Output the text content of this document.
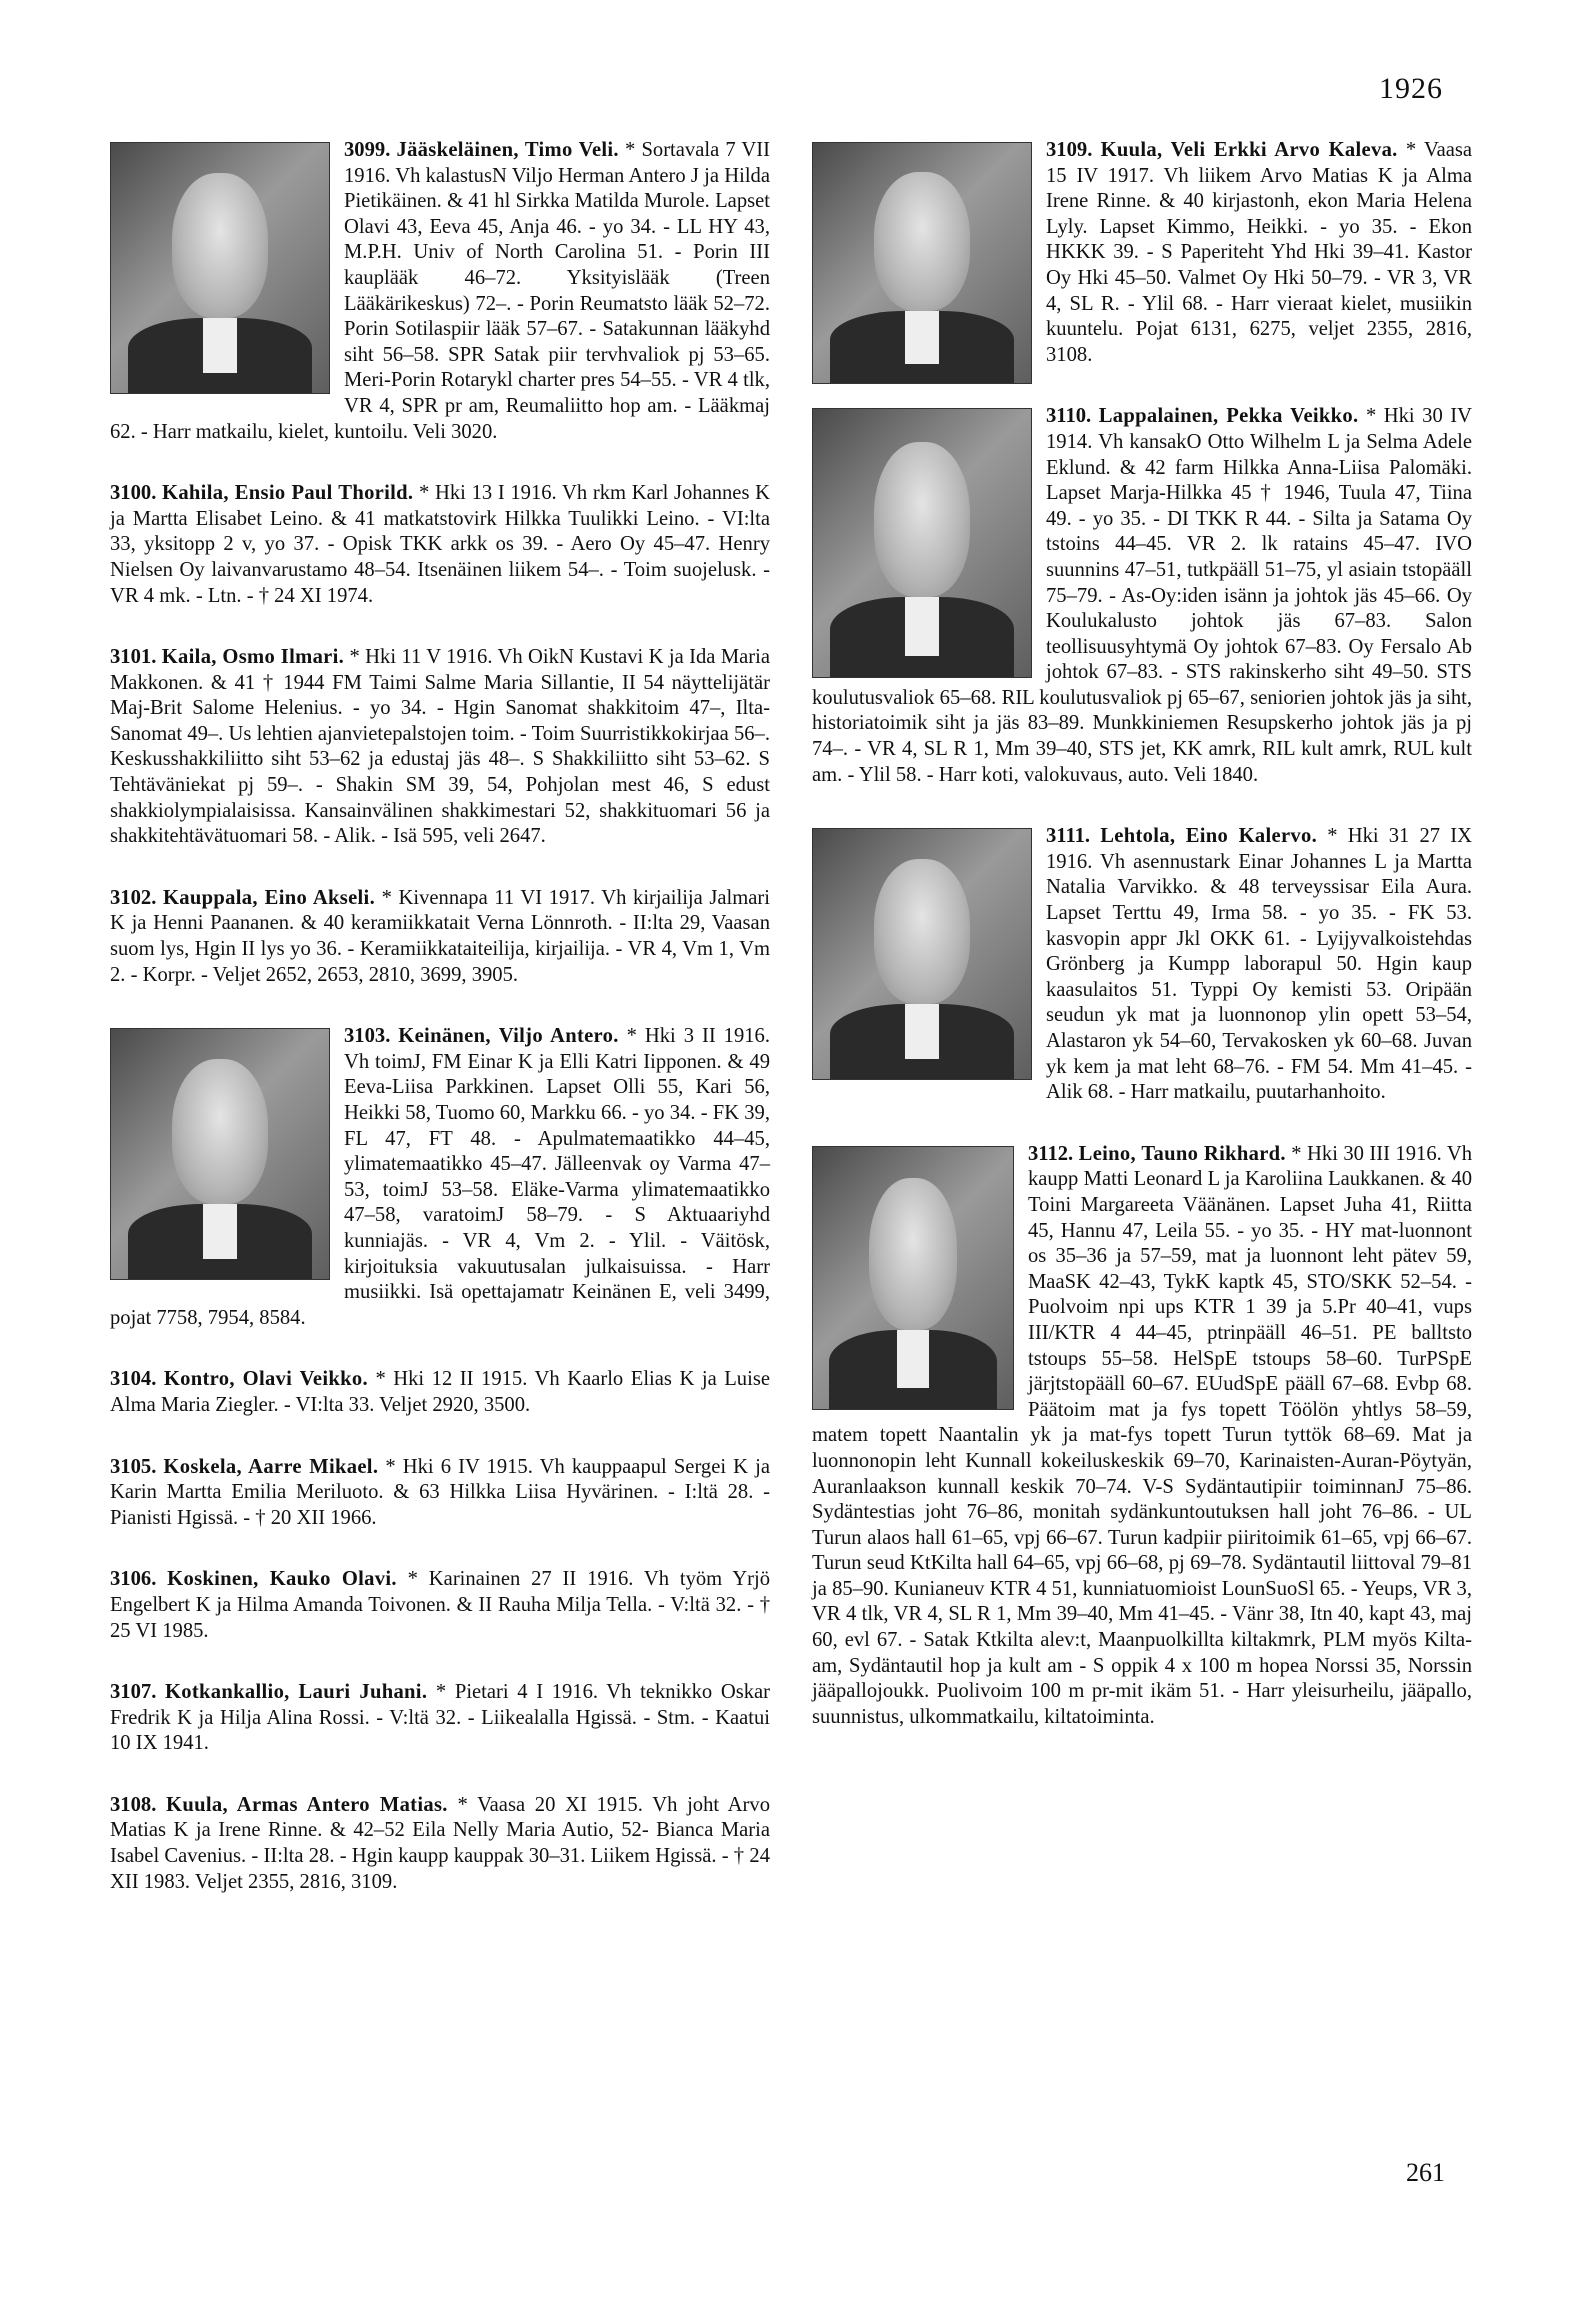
1926
3099. Jääskeläinen, Timo Veli. * Sortavala 7 VII 1916. Vh kalastusN Viljo Herman Antero J ja Hilda Pietikäinen. & 41 hl Sirkka Matilda Murole. Lapset Olavi 43, Eeva 45, Anja 46. - yo 34. - LL HY 43, M.P.H. Univ of North Carolina 51. - Porin III kauplääk 46–72. Yksityislääk (Treen Lääkärikeskus) 72–. - Porin Reumatsto lääk 52–72. Porin Sotilaspiir lääk 57–67. - Satakunnan lääkyhd siht 56–58. SPR Satak piir tervhvaliok pj 53–65. Meri-Porin Rotarykl charter pres 54–55. - VR 4 tlk, VR 4, SPR pr am, Reumaliitto hop am. - Lääkmaj 62. - Harr matkailu, kielet, kuntoilu. Veli 3020.
3100. Kahila, Ensio Paul Thorild. * Hki 13 I 1916. Vh rkm Karl Johannes K ja Martta Elisabet Leino. & 41 matkatstovirk Hilkka Tuulikki Leino. - VI:lta 33, yksitopp 2 v, yo 37. - Opisk TKK arkk os 39. - Aero Oy 45–47. Henry Nielsen Oy laivanvarustamo 48–54. Itsenäinen liikem 54–. - Toim suojelusk. - VR 4 mk. - Ltn. - † 24 XI 1974.
3101. Kaila, Osmo Ilmari. * Hki 11 V 1916. Vh OikN Kustavi K ja Ida Maria Makkonen. & 41 † 1944 FM Taimi Salme Maria Sillantie, II 54 näyttelijätär Maj-Brit Salome Helenius. - yo 34. - Hgin Sanomat shakkitoim 47–, Ilta-Sanomat 49–. Us lehtien ajanvietepalstojen toim. - Toim Suurristikkokirjaa 56–. Keskusshakkiliitto siht 53–62 ja edustaj jäs 48–. S Shakkiliitto siht 53–62. S Tehtäväniekat pj 59–. - Shakin SM 39, 54, Pohjolan mest 46, S edust shakkiolympialaisissa. Kansainvälinen shakkimestari 52, shakkituomari 56 ja shakkitehtävätuomari 58. - Alik. - Isä 595, veli 2647.
3102. Kauppala, Eino Akseli. * Kivennapa 11 VI 1917. Vh kirjailija Jalmari K ja Henni Paananen. & 40 keramiikkatait Verna Lönnroth. - II:lta 29, Vaasan suom lys, Hgin II lys yo 36. - Keramiikkataiteilija, kirjailija. - VR 4, Vm 1, Vm 2. - Korpr. - Veljet 2652, 2653, 2810, 3699, 3905.
3103. Keinänen, Viljo Antero. * Hki 3 II 1916. Vh toimJ, FM Einar K ja Elli Katri Iipponen. & 49 Eeva-Liisa Parkkinen. Lapset Olli 55, Kari 56, Heikki 58, Tuomo 60, Markku 66. - yo 34. - FK 39, FL 47, FT 48. - Apulmatemaatikko 44–45, ylimatemaatikko 45–47. Jälleenvak oy Varma 47–53, toimJ 53–58. Eläke-Varma ylimatemaatikko 47–58, varatoimJ 58–79. - S Aktuaariyhd kunniajäs. - VR 4, Vm 2. - Ylil. - Väitösk, kirjoituksia vakuutusalan julkaisuissa. - Harr musiikki. Isä opettajamatr Keinänen E, veli 3499, pojat 7758, 7954, 8584.
3104. Kontro, Olavi Veikko. * Hki 12 II 1915. Vh Kaarlo Elias K ja Luise Alma Maria Ziegler. - VI:lta 33. Veljet 2920, 3500.
3105. Koskela, Aarre Mikael. * Hki 6 IV 1915. Vh kauppaapul Sergei K ja Karin Martta Emilia Meriluoto. & 63 Hilkka Liisa Hyvärinen. - I:ltä 28. - Pianisti Hgissä. - † 20 XII 1966.
3106. Koskinen, Kauko Olavi. * Karinainen 27 II 1916. Vh työm Yrjö Engelbert K ja Hilma Amanda Toivonen. & II Rauha Milja Tella. - V:ltä 32. - † 25 VI 1985.
3107. Kotkankallio, Lauri Juhani. * Pietari 4 I 1916. Vh teknikko Oskar Fredrik K ja Hilja Alina Rossi. - V:ltä 32. - Liikealalla Hgissä. - Stm. - Kaatui 10 IX 1941.
3108. Kuula, Armas Antero Matias. * Vaasa 20 XI 1915. Vh joht Arvo Matias K ja Irene Rinne. & 42–52 Eila Nelly Maria Autio, 52- Bianca Maria Isabel Cavenius. - II:lta 28. - Hgin kaupp kauppak 30–31. Liikem Hgissä. - † 24 XII 1983. Veljet 2355, 2816, 3109.
3109. Kuula, Veli Erkki Arvo Kaleva. * Vaasa 15 IV 1917. Vh liikem Arvo Matias K ja Alma Irene Rinne. & 40 kirjastonh, ekon Maria Helena Lyly. Lapset Kimmo, Heikki. - yo 35. - Ekon HKKK 39. - S Paperiteht Yhd Hki 39–41. Kastor Oy Hki 45–50. Valmet Oy Hki 50–79. - VR 3, VR 4, SL R. - Ylil 68. - Harr vieraat kielet, musiikin kuuntelu. Pojat 6131, 6275, veljet 2355, 2816, 3108.
3110. Lappalainen, Pekka Veikko. * Hki 30 IV 1914. Vh kansakO Otto Wilhelm L ja Selma Adele Eklund. & 42 farm Hilkka Anna-Liisa Palomäki. Lapset Marja-Hilkka 45 † 1946, Tuula 47, Tiina 49. - yo 35. - DI TKK R 44. - Silta ja Satama Oy tstoins 44–45. VR 2. lk ratains 45–47. IVO suunnins 47–51, tutkpääll 51–75, yl asiain tstopääll 75–79. - As-Oy:iden isänn ja johtok jäs 45–66. Oy Koulukalusto johtok jäs 67–83. Salon teollisuusyhtymä Oy johtok 67–83. Oy Fersalo Ab johtok 67–83. - STS rakinskerho siht 49–50. STS koulutusvaliok 65–68. RIL koulutusvaliok pj 65–67, seniorien johtok jäs ja siht, historiatoimik siht ja jäs 83–89. Munkkiniemen Resupskerho johtok jäs ja pj 74–. - VR 4, SL R 1, Mm 39–40, STS jet, KK amrk, RIL kult amrk, RUL kult am. - Ylil 58. - Harr koti, valokuvaus, auto. Veli 1840.
3111. Lehtola, Eino Kalervo. * Hki 31 27 IX 1916. Vh asennustark Einar Johannes L ja Martta Natalia Varvikko. & 48 terveyssisar Eila Aura. Lapset Terttu 49, Irma 58. - yo 35. - FK 53. kasvopin appr Jkl OKK 61. - Lyijyvalkoistehdas Grönberg ja Kumpp laborapul 50. Hgin kaup kaasulaitos 51. Typpi Oy kemisti 53. Oripään seudun yk mat ja luonnonop ylin opett 53–54, Alastaron yk 54–60, Tervakosken yk 60–68. Juvan yk kem ja mat leht 68–76. - FM 54. Mm 41–45. - Alik 68. - Harr matkailu, puutarhanhoito.
3112. Leino, Tauno Rikhard. * Hki 30 III 1916. Vh kaupp Matti Leonard L ja Karoliina Laukkanen. & 40 Toini Margareeta Väänänen. Lapset Juha 41, Riitta 45, Hannu 47, Leila 55. - yo 35. - HY mat-luonnont os 35–36 ja 57–59, mat ja luonnont leht pätev 59, MaaSK 42–43, TykK kaptk 45, STO/SKK 52–54. - Puolvoim npi ups KTR 1 39 ja 5.Pr 40–41, vups III/KTR 4 44–45, ptrinpääll 46–51. PE balltsto tstoups 55–58. HelSpE tstoups 58–60. TurPSpE järjtstopääll 60–67. EUudSpE pääll 67–68. Evbp 68. Päätoim mat ja fys topett Töölön yhtlys 58–59, matem topett Naantalin yk ja mat-fys topett Turun tyttök 68–69. Mat ja luonnonopin leht Kunnall kokeiluskeskik 69–70, Karinaisten-Auran-Pöytyän, Auranlaakson kunnall keskik 70–74. V-S Sydäntautipiir toiminnanJ 75–86. Sydäntestias joht 76–86, monitah sydänkuntoutuksen hall joht 76–86. - UL Turun alaos hall 61–65, vpj 66–67. Turun kadpiir piiritoimik 61–65, vpj 66–67. Turun seud KtKilta hall 64–65, vpj 66–68, pj 69–78. Sydäntautil liittoval 79–81 ja 85–90. Kunianeuv KTR 4 51, kunniatuomioist LounSuoSl 65. - Yeups, VR 3, VR 4 tlk, VR 4, SL R 1, Mm 39–40, Mm 41–45. - Vänr 38, Itn 40, kapt 43, maj 60, evl 67. - Satak Ktkilta alev:t, Maanpuolkillta kiltakmrk, PLM myös Kilta-am, Sydäntautil hop ja kult am - S oppik 4 x 100 m hopea Norssi 35, Norssin jääpallojoukk. Puolivoim 100 m pr-mit ikäm 51. - Harr yleisurheilu, jääpallo, suunnistus, ulkommatkailu, kiltatoiminta.
261
